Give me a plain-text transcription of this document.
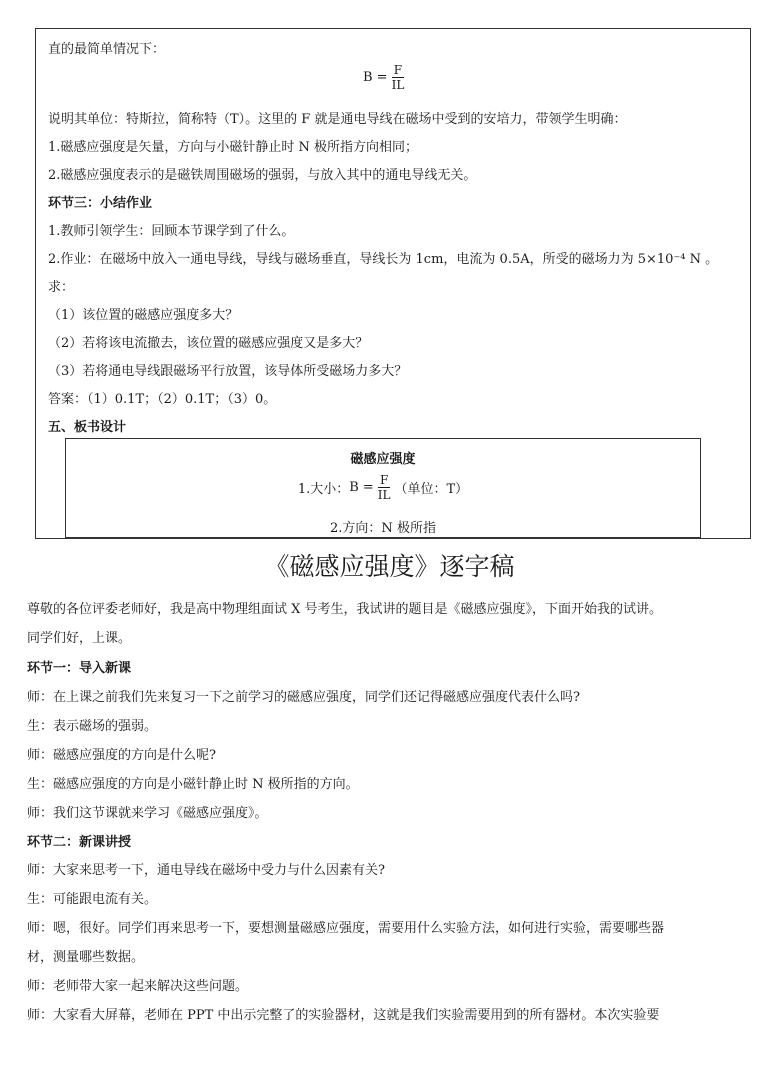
直的最简单情况下：
$B = \frac{F}{IL}$
说明其单位：特斯拉，简称特（T）。这里的 F 就是通电导线在磁场中受到的安培力，带领学生明确：
1.磁感应强度是矢量，方向与小磁针静止时 N 极所指方向相同；
2.磁感应强度表示的是磁铁周围磁场的强弱，与放入其中的通电导线无关。
环节三：小结作业
1.教师引领学生：回顾本节课学到了什么。
2.作业：在磁场中放入一通电导线，导线与磁场垂直，导线长为 1cm，电流为 0.5A，所受的磁场力为 5×10⁻⁴ N 。
求：
（1）该位置的磁感应强度多大？
（2）若将该电流撤去，该位置的磁感应强度又是多大？
（3）若将通电导线跟磁场平行放置，该导体所受磁场力多大？
答案：（1）0.1T；（2）0.1T；（3）0。
五、板书设计
磁感应强度
1.大小： $B = \frac{F}{IL}$ （单位：T）
2.方向：N 极所指
《磁感应强度》逐字稿
尊敬的各位评委老师好，我是高中物理组面试 X 号考生，我试讲的题目是《磁感应强度》，下面开始我的试讲。
同学们好，上课。
环节一：导入新课
师：在上课之前我们先来复习一下之前学习的磁感应强度，同学们还记得磁感应强度代表什么吗?
生：表示磁场的强弱。
师：磁感应强度的方向是什么呢?
生：磁感应强度的方向是小磁针静止时 N 极所指的方向。
师：我们这节课就来学习《磁感应强度》。
环节二：新课讲授
师：大家来思考一下，通电导线在磁场中受力与什么因素有关?
生：可能跟电流有关。
师：嗯，很好。同学们再来思考一下，要想测量磁感应强度，需要用什么实验方法，如何进行实验，需要哪些器
材，测量哪些数据。
师：老师带大家一起来解决这些问题。
师：大家看大屏幕，老师在 PPT 中出示完整了的实验器材，这就是我们实验需要用到的所有器材。本次实验要
